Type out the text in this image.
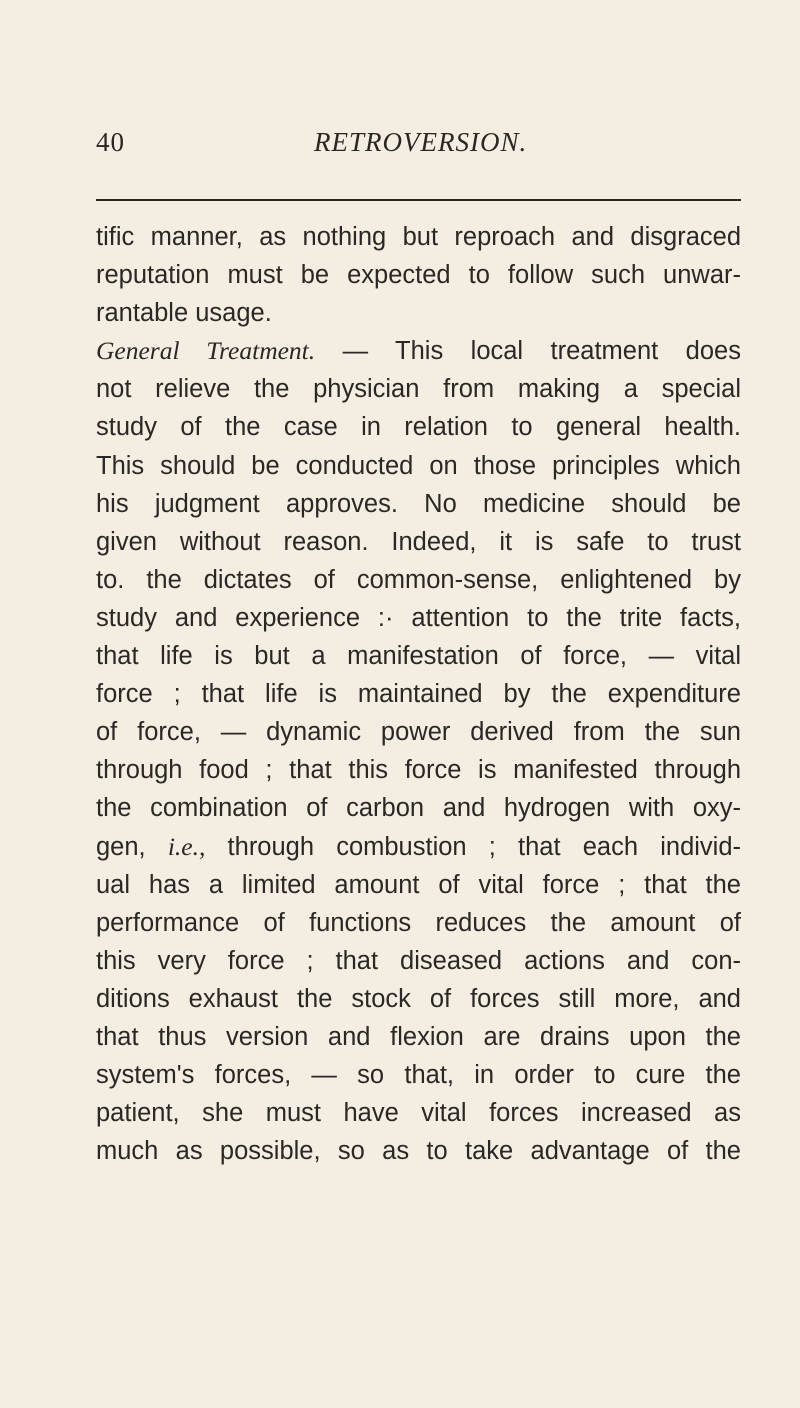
40	RETROVERSION.
tific manner, as nothing but reproach and disgraced
reputation must be expected to follow such unwar-
rantable usage.
General Treatment. — This local treatment does
not relieve the physician from making a special
study of the case in relation to general health.
This should be conducted on those principles which
his judgment approves. No medicine should be
given without reason. Indeed, it is safe to trust
to. the dictates of common-sense, enlightened by
study and experience :· attention to the trite facts,
that life is but a manifestation of force, — vital
force ; that life is maintained by the expenditure
of force, — dynamic power derived from the sun
through food ; that this force is manifested through
the combination of carbon and hydrogen with oxy-
gen, i.e., through combustion ; that each individ-
ual has a limited amount of vital force ; that the
performance of functions reduces the amount of
this very force ; that diseased actions and con-
ditions exhaust the stock of forces still more, and
that thus version and flexion are drains upon the
system's forces, — so that, in order to cure the
patient, she must have vital forces increased as
much as possible, so as to take advantage of the
